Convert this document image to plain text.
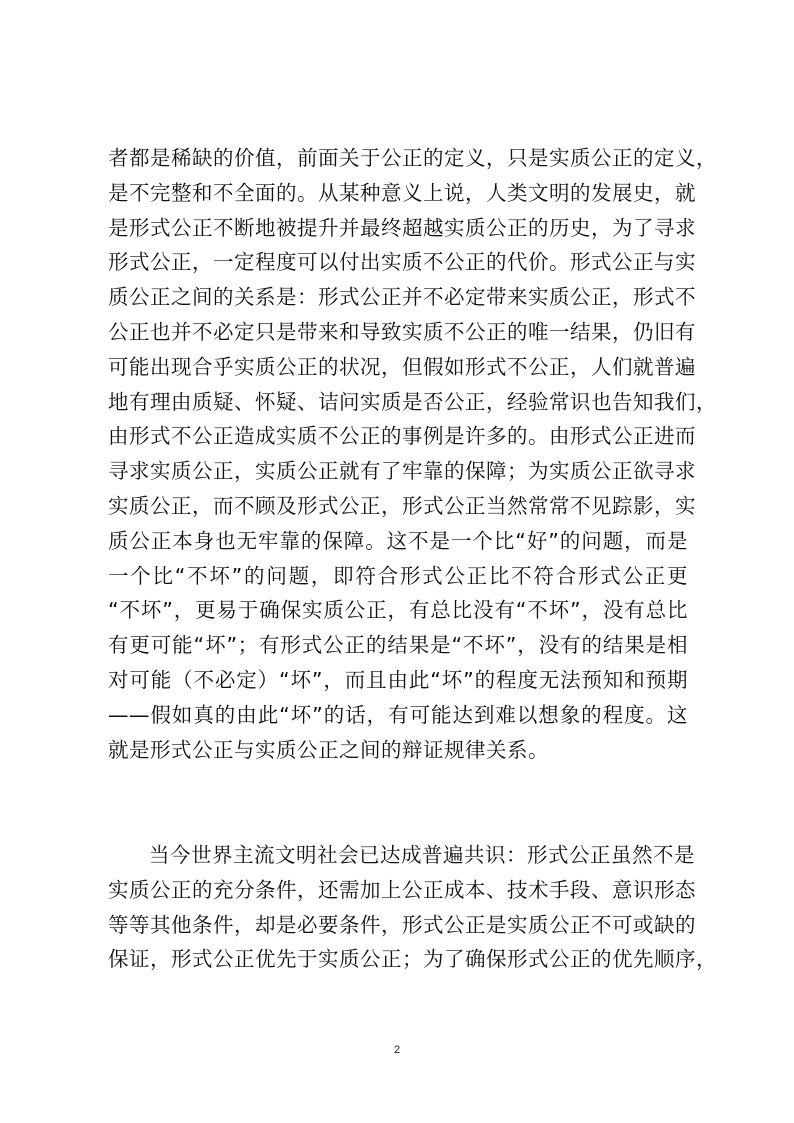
者都是稀缺的价值，前面关于公正的定义，只是实质公正的定义，
是不完整和不全面的。从某种意义上说，人类文明的发展史，就
是形式公正不断地被提升并最终超越实质公正的历史，为了寻求
形式公正，一定程度可以付出实质不公正的代价。形式公正与实
质公正之间的关系是：形式公正并不必定带来实质公正，形式不
公正也并不必定只是带来和导致实质不公正的唯一结果，仍旧有
可能出现合乎实质公正的状况，但假如形式不公正，人们就普遍
地有理由质疑、怀疑、诘问实质是否公正，经验常识也告知我们，
由形式不公正造成实质不公正的事例是许多的。由形式公正进而
寻求实质公正，实质公正就有了牢靠的保障；为实质公正欲寻求
实质公正，而不顾及形式公正，形式公正当然常常不见踪影，实
质公正本身也无牢靠的保障。这不是一个比“好”的问题，而是
一个比“不坏”的问题，即符合形式公正比不符合形式公正更
“不坏”，更易于确保实质公正，有总比没有“不坏”，没有总比
有更可能“坏”；有形式公正的结果是“不坏”，没有的结果是相
对可能（不必定）“坏”，而且由此“坏”的程度无法预知和预期
——假如真的由此“坏”的话，有可能达到难以想象的程度。这
就是形式公正与实质公正之间的辩证规律关系。
当今世界主流文明社会已达成普遍共识：形式公正虽然不是
实质公正的充分条件，还需加上公正成本、技术手段、意识形态
等等其他条件，却是必要条件，形式公正是实质公正不可或缺的
保证，形式公正优先于实质公正；为了确保形式公正的优先顺序，
2
